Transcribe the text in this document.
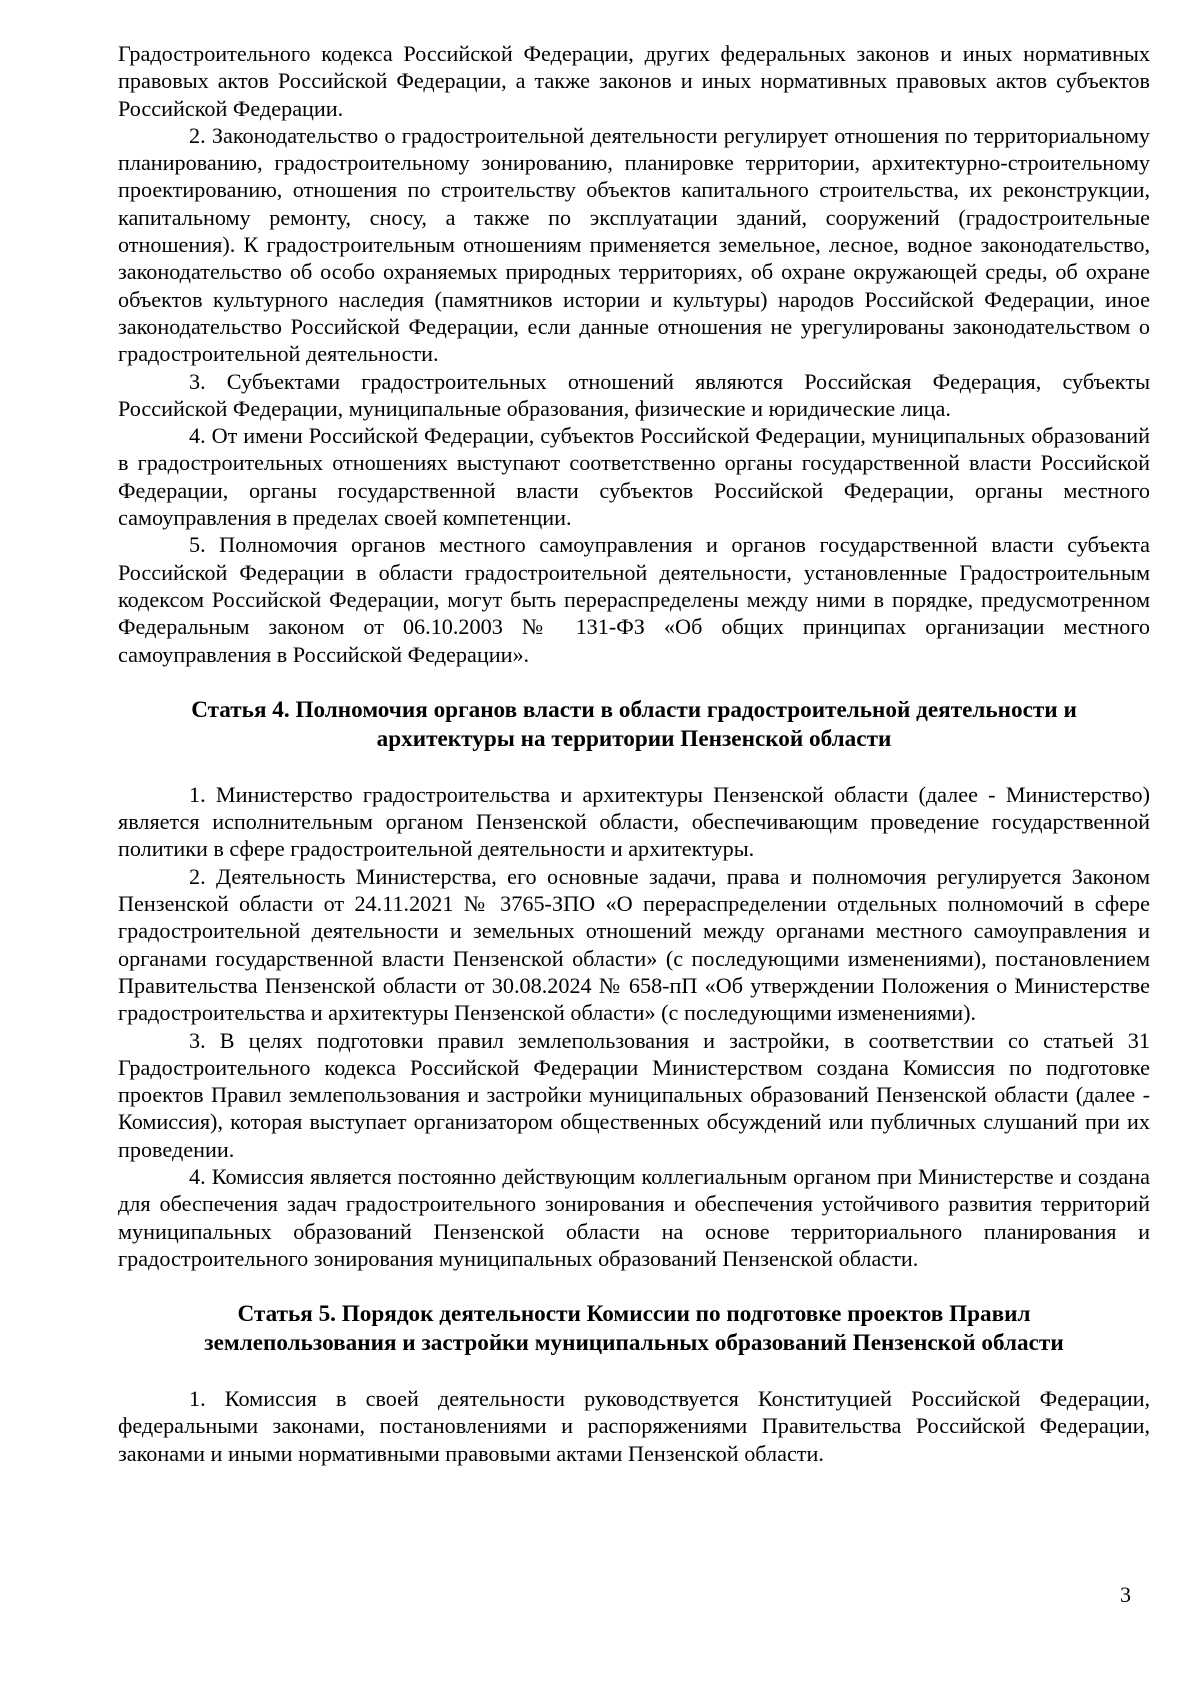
Градостроительного кодекса Российской Федерации, других федеральных законов и иных нормативных правовых актов Российской Федерации, а также законов и иных нормативных правовых актов субъектов Российской Федерации.

2. Законодательство о градостроительной деятельности регулирует отношения по территориальному планированию, градостроительному зонированию, планировке территории, архитектурно-строительному проектированию, отношения по строительству объектов капитального строительства, их реконструкции, капитальному ремонту, сносу, а также по эксплуатации зданий, сооружений (градостроительные отношения). К градостроительным отношениям применяется земельное, лесное, водное законодательство, законодательство об особо охраняемых природных территориях, об охране окружающей среды, об охране объектов культурного наследия (памятников истории и культуры) народов Российской Федерации, иное законодательство Российской Федерации, если данные отношения не урегулированы законодательством о градостроительной деятельности.

3. Субъектами градостроительных отношений являются Российская Федерация, субъекты Российской Федерации, муниципальные образования, физические и юридические лица.

4. От имени Российской Федерации, субъектов Российской Федерации, муниципальных образований в градостроительных отношениях выступают соответственно органы государственной власти Российской Федерации, органы государственной власти субъектов Российской Федерации, органы местного самоуправления в пределах своей компетенции.

5. Полномочия органов местного самоуправления и органов государственной власти субъекта Российской Федерации в области градостроительной деятельности, установленные Градостроительным кодексом Российской Федерации, могут быть перераспределены между ними в порядке, предусмотренном Федеральным законом от 06.10.2003 № 131-ФЗ «Об общих принципах организации местного самоуправления в Российской Федерации».

Статья 4. Полномочия органов власти в области градостроительной деятельности и
архитектуры на территории Пензенской области

1. Министерство градостроительства и архитектуры Пензенской области (далее - Министерство) является исполнительным органом Пензенской области, обеспечивающим проведение государственной политики в сфере градостроительной деятельности и архитектуры.

2. Деятельность Министерства, его основные задачи, права и полномочия регулируется Законом Пензенской области от 24.11.2021 № 3765-ЗПО «О перераспределении отдельных полномочий в сфере градостроительной деятельности и земельных отношений между органами местного самоуправления и органами государственной власти Пензенской области» (с последующими изменениями), постановлением Правительства Пензенской области от 30.08.2024 № 658-пП «Об утверждении Положения о Министерстве градостроительства и архитектуры Пензенской области» (с последующими изменениями).

3. В целях подготовки правил землепользования и застройки, в соответствии со статьей 31 Градостроительного кодекса Российской Федерации Министерством создана Комиссия по подготовке проектов Правил землепользования и застройки муниципальных образований Пензенской области (далее - Комиссия), которая выступает организатором общественных обсуждений или публичных слушаний при их проведении.

4. Комиссия является постоянно действующим коллегиальным органом при Министерстве и создана для обеспечения задач градостроительного зонирования и обеспечения устойчивого развития территорий муниципальных образований Пензенской области на основе территориального планирования и градостроительного зонирования муниципальных образований Пензенской области.

Статья 5. Порядок деятельности Комиссии по подготовке проектов Правил
землепользования и застройки муниципальных образований Пензенской области

1. Комиссия в своей деятельности руководствуется Конституцией Российской Федерации, федеральными законами, постановлениями и распоряжениями Правительства Российской Федерации, законами и иными нормативными правовыми актами Пензенской области.

3
